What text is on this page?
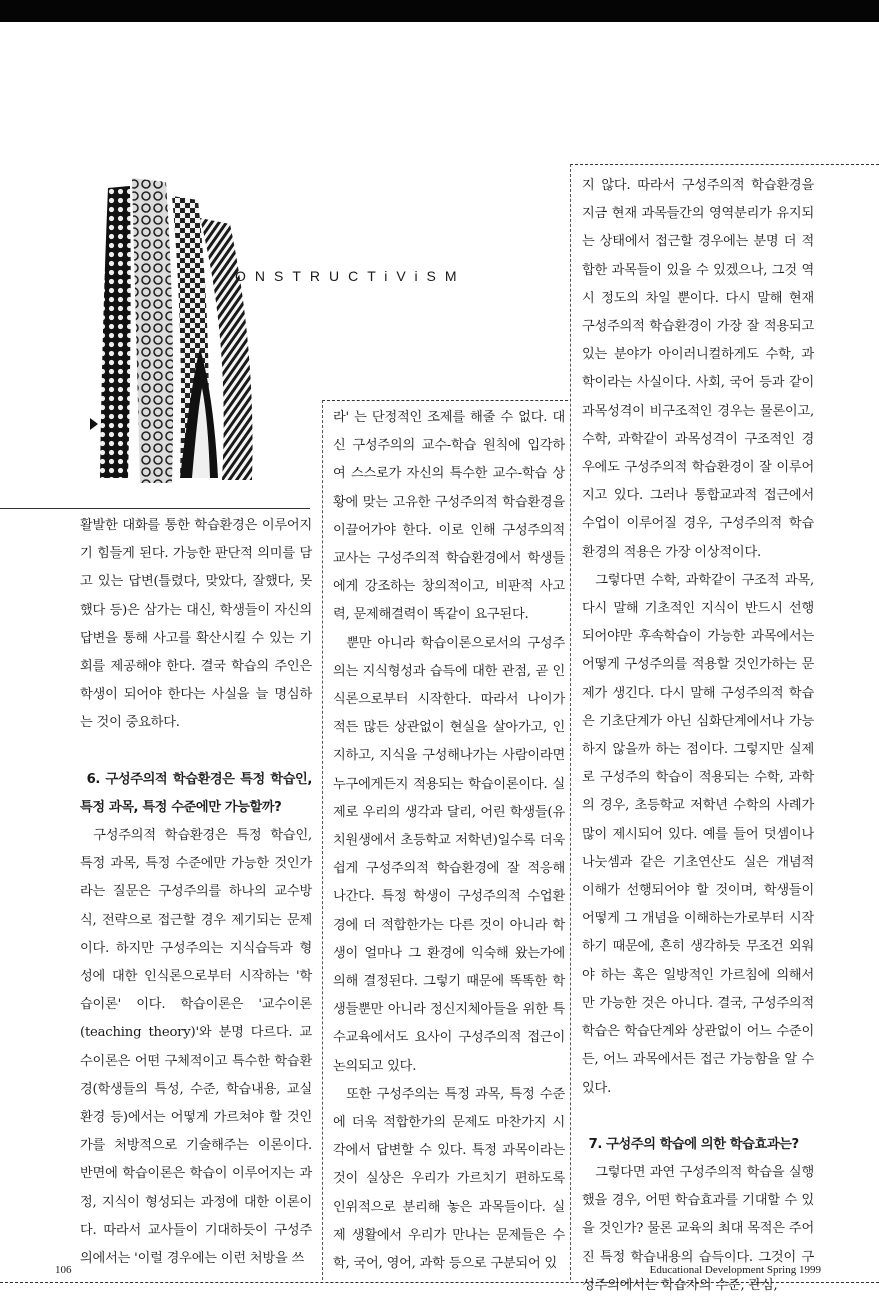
ONSTRUCTiViSM

활발한 대화를 통한 학습환경은 이루어지기 힘들게 된다. 가능한 판단적 의미를 담고 있는 답변(틀렸다, 맞았다, 잘했다, 못했다 등)은 삼가는 대신, 학생들이 자신의 답변을 통해 사고를 확산시킬 수 있는 기회를 제공해야 한다. 결국 학습의 주인은 학생이 되어야 한다는 사실을 늘 명심하는 것이 중요하다.

6. 구성주의적 학습환경은 특정 학습인, 특정 과목, 특정 수준에만 가능할까?

구성주의적 학습환경은 특정 학습인, 특정 과목, 특정 수준에만 가능한 것인가 라는 질문은 구성주의를 하나의 교수방식, 전략으로 접근할 경우 제기되는 문제이다. 하지만 구성주의는 지식습득과 형성에 대한 인식론으로부터 시작하는 '학습이론' 이다. 학습이론은 '교수이론(teaching theory)'와 분명 다르다. 교수이론은 어떤 구체적이고 특수한 학습환경(학생들의 특성, 수준, 학습내용, 교실환경 등)에서는 어떻게 가르쳐야 할 것인가를 처방적으로 기술해주는 이론이다. 반면에 학습이론은 학습이 이루어지는 과정, 지식이 형성되는 과정에 대한 이론이다. 따라서 교사들이 기대하듯이 구성주의에서는 '이럴 경우에는 이런 처방을 쓰

라' 는 단정적인 조제를 해줄 수 없다. 대신 구성주의의 교수-학습 원칙에 입각하여 스스로가 자신의 특수한 교수-학습 상황에 맞는 고유한 구성주의적 학습환경을 이끌어가야 한다. 이로 인해 구성주의적 교사는 구성주의적 학습환경에서 학생들에게 강조하는 창의적이고, 비판적 사고력, 문제해결력이 똑같이 요구된다.

뿐만 아니라 학습이론으로서의 구성주의는 지식형성과 습득에 대한 관점, 곧 인식론으로부터 시작한다. 따라서 나이가 적든 많든 상관없이 현실을 살아가고, 인지하고, 지식을 구성해나가는 사람이라면 누구에게든지 적용되는 학습이론이다. 실제로 우리의 생각과 달리, 어린 학생들(유치원생에서 초등학교 저학년)일수록 더욱 쉽게 구성주의적 학습환경에 잘 적응해 나간다. 특정 학생이 구성주의적 수업환경에 더 적합한가는 다른 것이 아니라 학생이 얼마나 그 환경에 익숙해 왔는가에 의해 결정된다. 그렇기 때문에 똑똑한 학생들뿐만 아니라 정신지체아들을 위한 특수교육에서도 요사이 구성주의적 접근이 논의되고 있다.

또한 구성주의는 특정 과목, 특정 수준에 더욱 적합한가의 문제도 마찬가지 시각에서 답변할 수 있다. 특정 과목이라는 것이 실상은 우리가 가르치기 편하도록 인위적으로 분리해 놓은 과목들이다. 실제 생활에서 우리가 만나는 문제들은 수학, 국어, 영어, 과학 등으로 구분되어 있

지 않다. 따라서 구성주의적 학습환경을 지금 현재 과목들간의 영역분리가 유지되는 상태에서 접근할 경우에는 분명 더 적합한 과목들이 있을 수 있겠으나, 그것 역시 정도의 차일 뿐이다. 다시 말해 현재 구성주의적 학습환경이 가장 잘 적용되고 있는 분야가 아이러니컬하게도 수학, 과학이라는 사실이다. 사회, 국어 등과 같이 과목성격이 비구조적인 경우는 물론이고, 수학, 과학같이 과목성격이 구조적인 경우에도 구성주의적 학습환경이 잘 이루어지고 있다. 그러나 통합교과적 접근에서 수업이 이루어질 경우, 구성주의적 학습환경의 적용은 가장 이상적이다.

그렇다면 수학, 과학같이 구조적 과목, 다시 말해 기초적인 지식이 반드시 선행되어야만 후속학습이 가능한 과목에서는 어떻게 구성주의를 적용할 것인가하는 문제가 생긴다. 다시 말해 구성주의적 학습은 기초단계가 아닌 심화단계에서나 가능하지 않을까 하는 점이다. 그렇지만 실제로 구성주의 학습이 적용되는 수학, 과학의 경우, 초등학교 저학년 수학의 사례가 많이 제시되어 있다. 예를 들어 덧셈이나 나눗셈과 같은 기초연산도 실은 개념적 이해가 선행되어야 할 것이며, 학생들이 어떻게 그 개념을 이해하는가로부터 시작하기 때문에, 흔히 생각하듯 무조건 외워야 하는 혹은 일방적인 가르침에 의해서만 가능한 것은 아니다. 결국, 구성주의적 학습은 학습단계와 상관없이 어느 수준이든, 어느 과목에서든 접근 가능함을 알 수 있다.

7. 구성주의 학습에 의한 학습효과는?

그렇다면 과연 구성주의적 학습을 실행했을 경우, 어떤 학습효과를 기대할 수 있을 것인가? 물론 교육의 최대 목적은 주어진 특정 학습내용의 습득이다. 그것이 구성주의에서는 학습자의 수준, 관심,

106	Educational Development Spring 1999
